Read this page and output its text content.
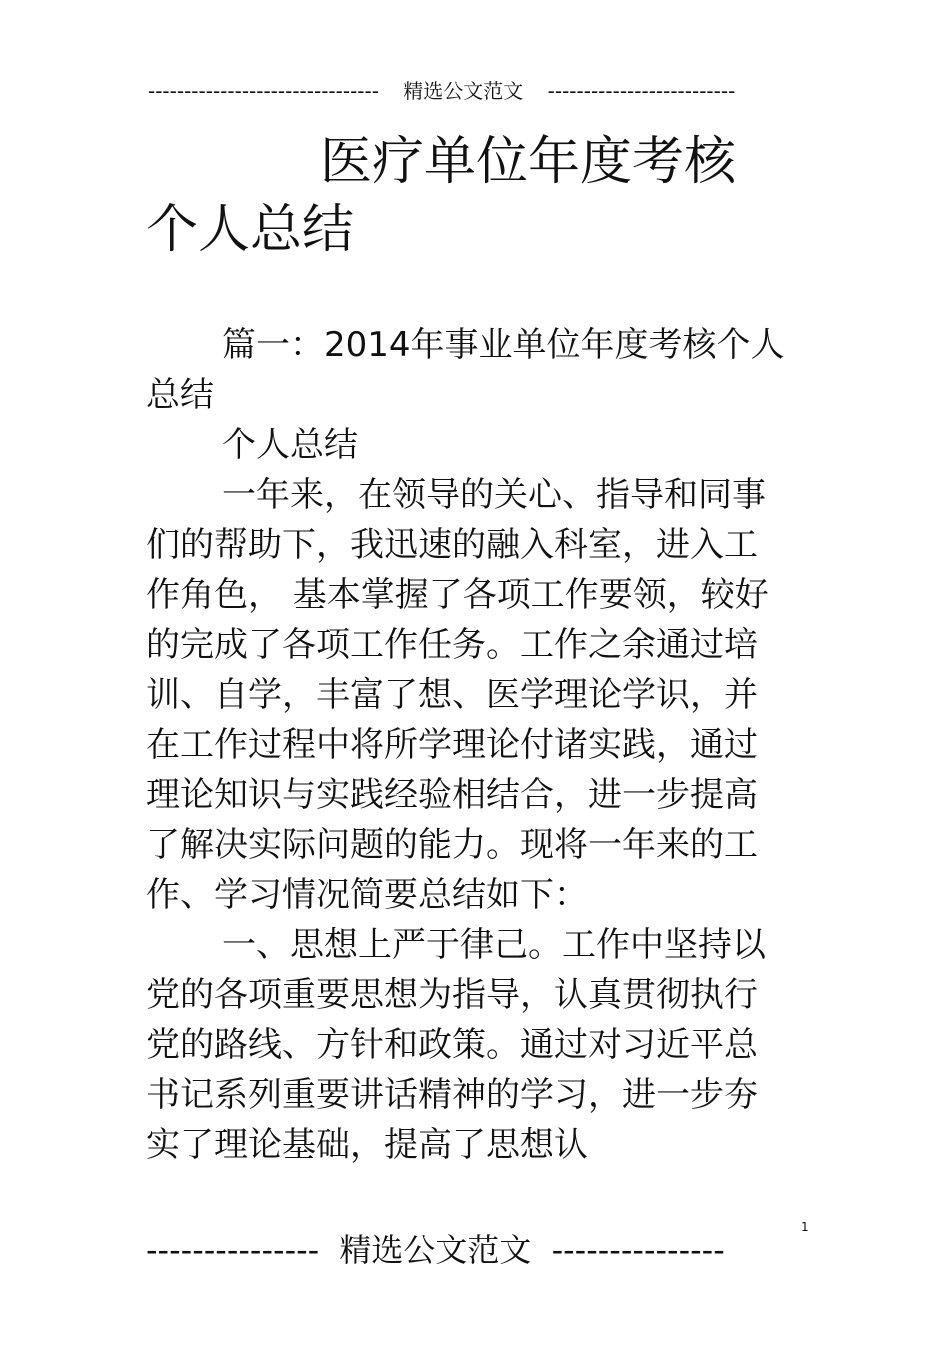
-------------------------------- 精选公文范文 --------------------------
医疗单位年度考核
个人总结

篇一：2014年事业单位年度考核个人总结

个人总结

一年来，在领导的关心、指导和同事们的帮助下，我迅速的融入科室，进入工作角色， 基本掌握了各项工作要领，较好的完成了各项工作任务。工作之余通过培训、自学，丰富了想、医学理论学识，并在工作过程中将所学理论付诸实践，通过理论知识与实践经验相结合，进一步提高了解决实际问题的能力。现将一年来的工作、学习情况简要总结如下：

一、思想上严于律己。工作中坚持以党的各项重要思想为指导，认真贯彻执行党的路线、方针和政策。通过对习近平总书记系列重要讲话精神的学习，进一步夯实了理论基础，提高了思想认

1
--------------- 精选公文范文 ---------------
